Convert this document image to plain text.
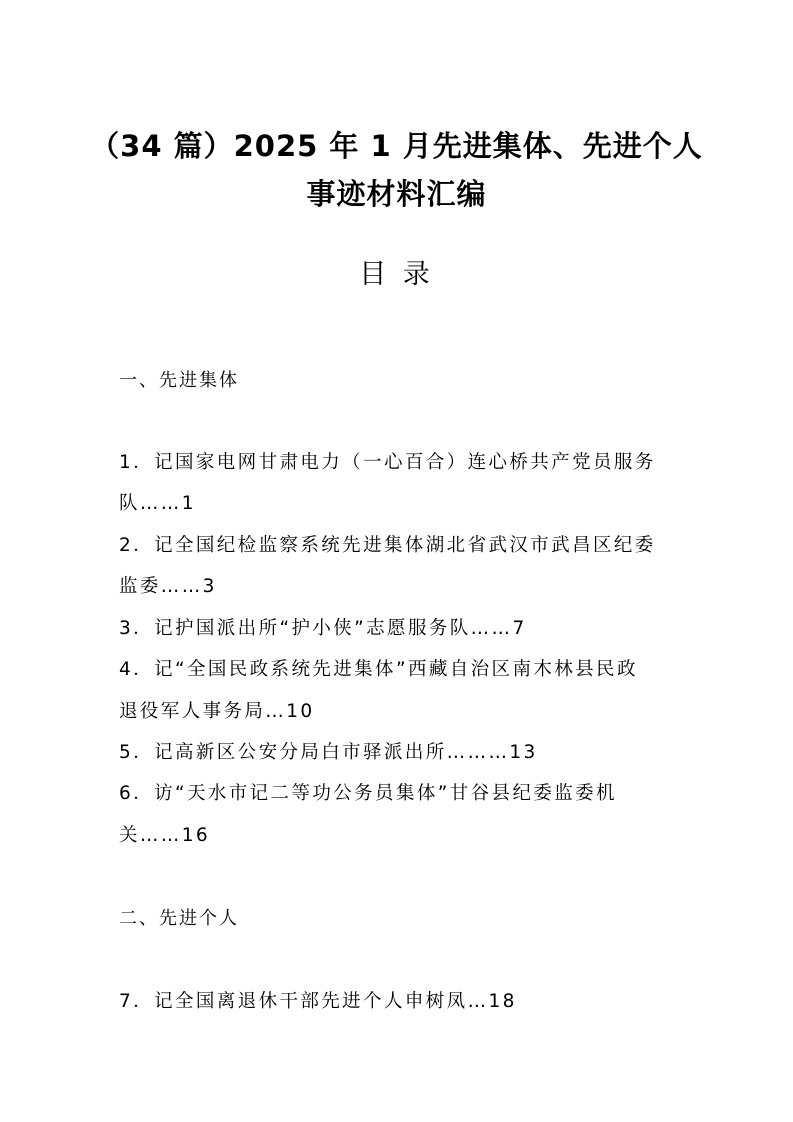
（34 篇）2025 年 1 月先进集体、先进个人
事迹材料汇编
目 录
一、先进集体
1．记国家电网甘肃电力（一心百合）连心桥共产党员服务
队……1
2．记全国纪检监察系统先进集体湖北省武汉市武昌区纪委
监委……3
3．记护国派出所“护小侠”志愿服务队……7
4．记“全国民政系统先进集体”西藏自治区南木林县民政
退役军人事务局…10
5．记高新区公安分局白市驿派出所………13
6．访“天水市记二等功公务员集体”甘谷县纪委监委机
关……16
二、先进个人
7．记全国离退休干部先进个人申树凤…18
